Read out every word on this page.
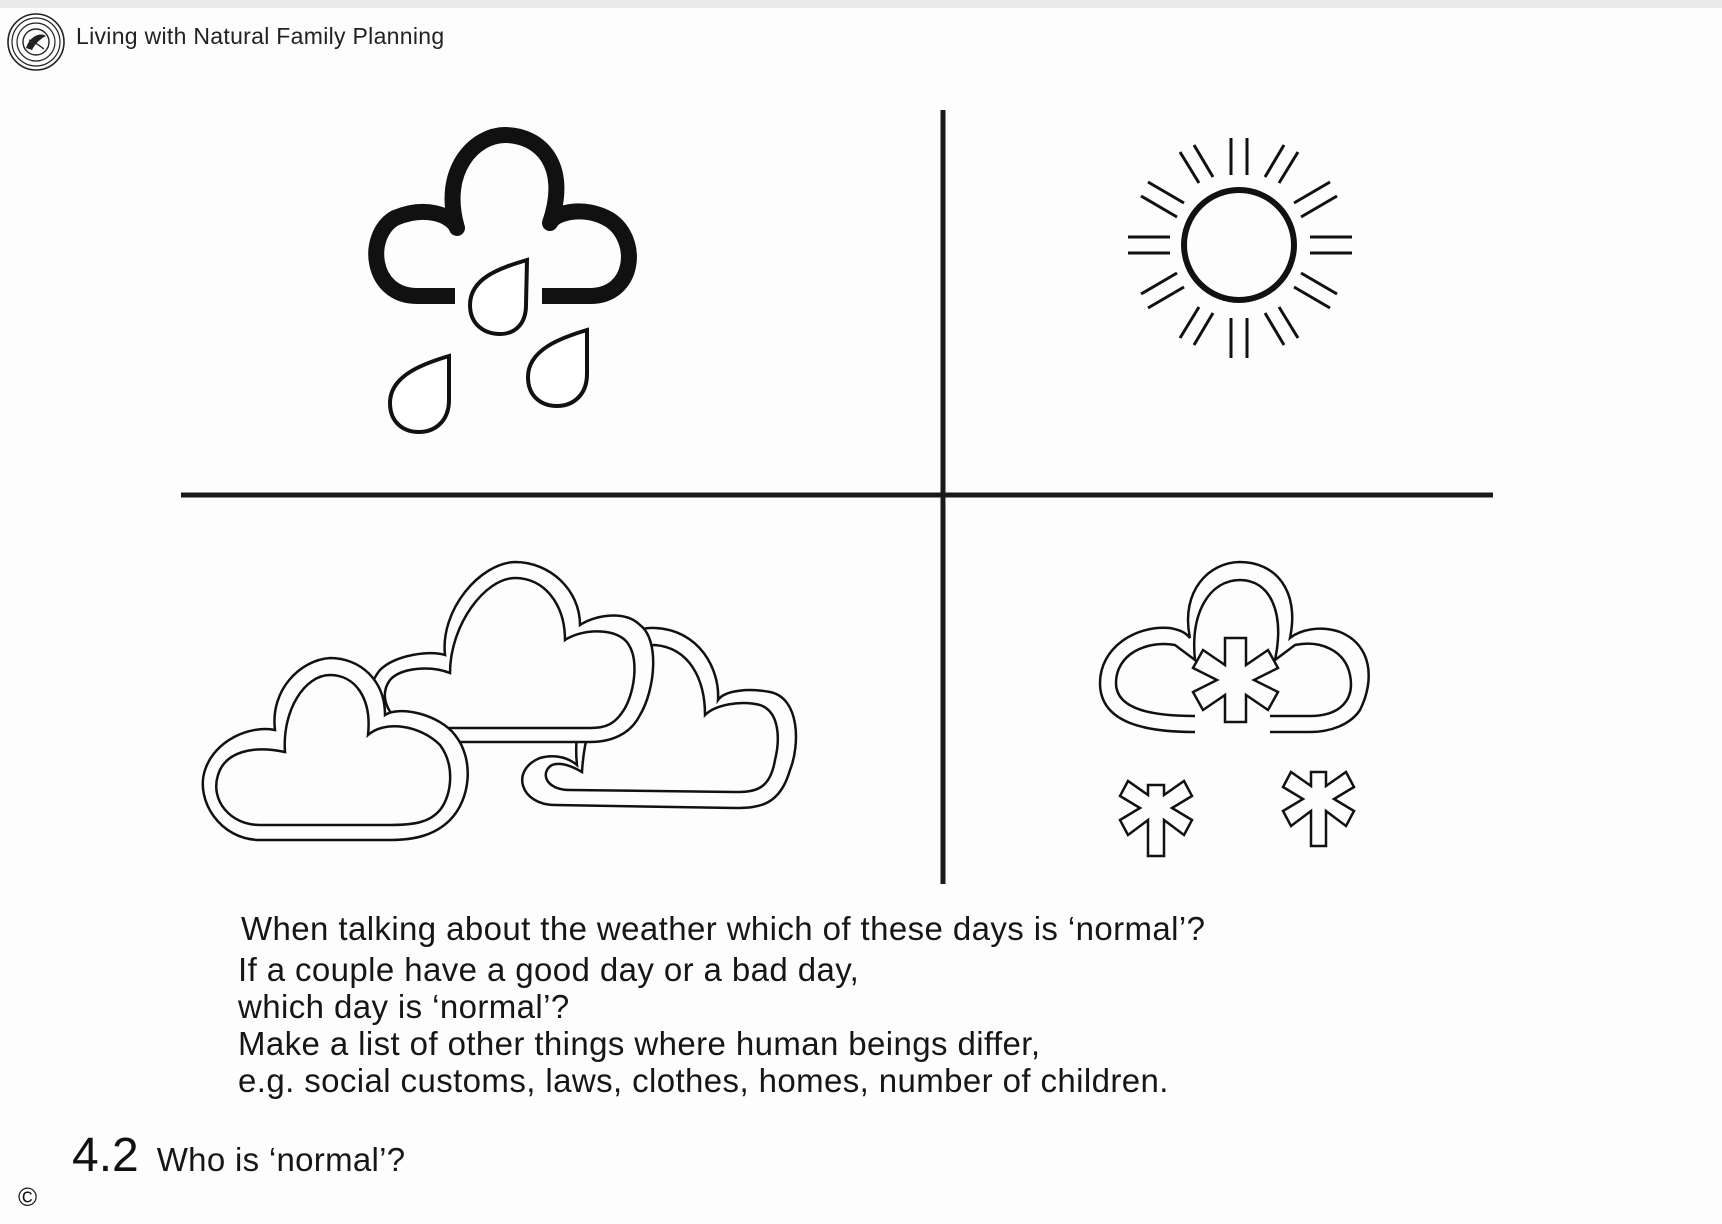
Living with Natural Family Planning
When talking about the weather which of these days is ‘normal’?
If a couple have a good day or a bad day,
which day is ‘normal’?
Make a list of other things where human beings differ,
e.g. social customs, laws, clothes, homes, number of children.
4.2 Who is ‘normal’?
©
